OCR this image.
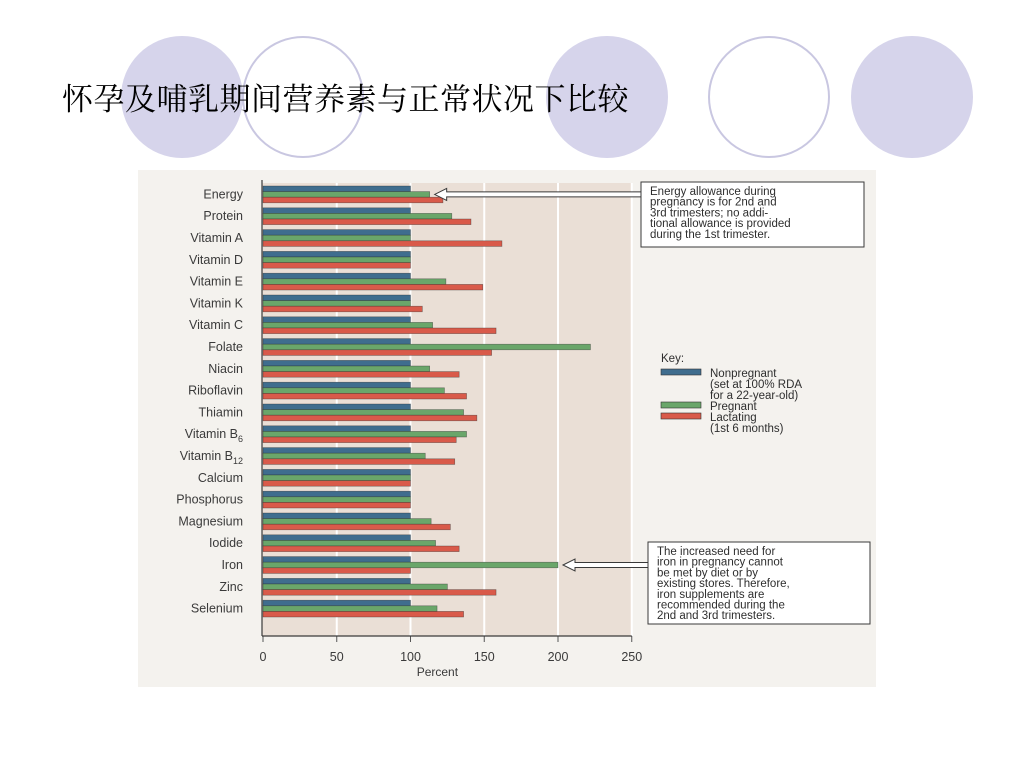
怀孕及哺乳期间营养素与正常状况下比较
Energy
Protein
Vitamin A
Vitamin D
Vitamin E
Vitamin K
Vitamin C
Folate
Niacin
Riboflavin
Thiamin
Vitamin $B_6$
Vitamin $B_{12}$
Calcium
Phosphorus
Magnesium
Iodide
Iron
Zinc
Selenium
0	50	100	150	200	250
Percent
Key:
Nonpregnant
(set at 100% RDA
for a 22-year-old)
Pregnant
Lactating
(1st 6 months)
Energy allowance during
pregnancy is for 2nd and
3rd trimesters; no addi-
tional allowance is provided
during the 1st trimester.
The increased need for
iron in pregnancy cannot
be met by diet or by
existing stores. Therefore,
iron supplements are
recommended during the
2nd and 3rd trimesters.
